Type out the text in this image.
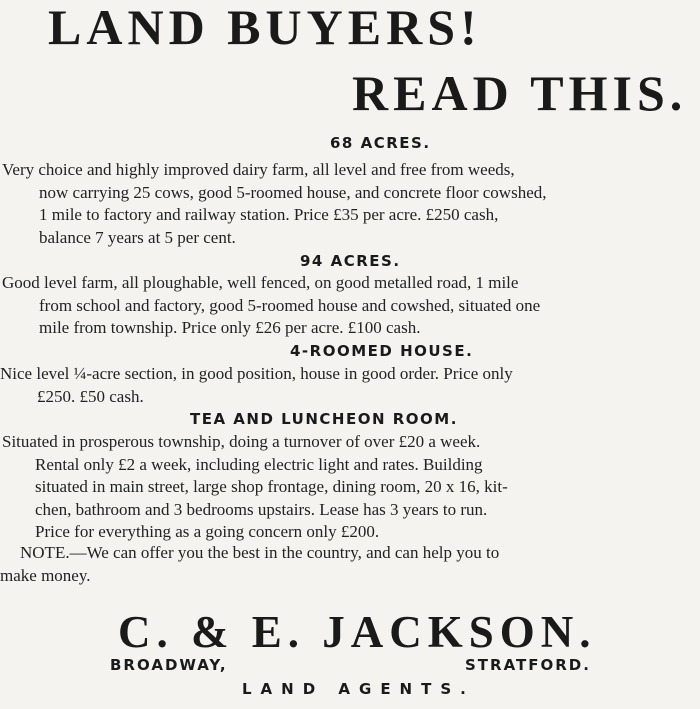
LAND BUYERS!
READ THIS.
68 ACRES.

Very choice and highly improved dairy farm, all level and free from weeds,

now carrying 25 cows, good 5-roomed house, and concrete floor cowshed,

1 mile to factory and railway station. Price £35 per acre. £250 cash,

balance 7 years at 5 per cent.

94 ACRES.

Good level farm, all ploughable, well fenced, on good metalled road, 1 mile

from school and factory, good 5-roomed house and cowshed, situated one

mile from township. Price only £26 per acre. £100 cash.

4-ROOMED HOUSE.

Nice level ¼-acre section, in good position, house in good order. Price only

£250. £50 cash.

TEA AND LUNCHEON ROOM.

Situated in prosperous township, doing a turnover of over £20 a week.

Rental only £2 a week, including electric light and rates. Building

situated in main street, large shop frontage, dining room, 20 x 16, kit-

chen, bathroom and 3 bedrooms upstairs. Lease has 3 years to run.

Price for everything as a going concern only £200.

NOTE.—We can offer you the best in the country, and can help you to

make money.

C. & E. JACKSON.
BROADWAY,	STRATFORD.
LAND AGENTS.
